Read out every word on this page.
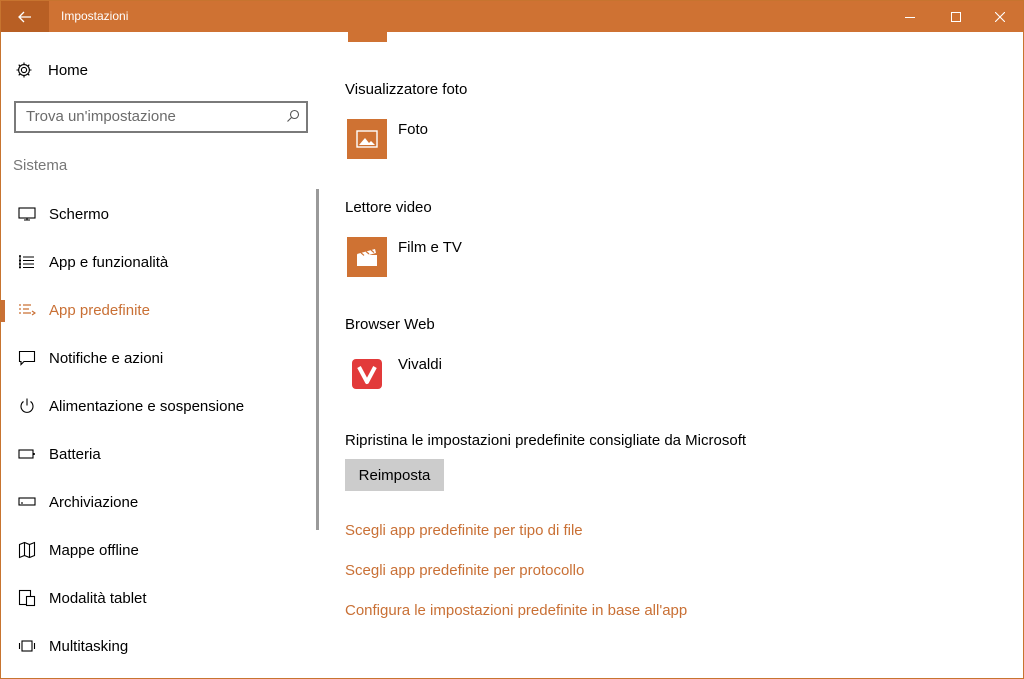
Impostazioni
Home
Trova un'impostazione
Sistema
Schermo
App e funzionalità
App predefinite
Notifiche e azioni
Alimentazione e sospensione
Batteria
Archiviazione
Mappe offline
Modalità tablet
Multitasking
Visualizzatore foto
Foto
Lettore video
Film e TV
Browser Web
Vivaldi
Ripristina le impostazioni predefinite consigliate da Microsoft
Reimposta
Scegli app predefinite per tipo di file
Scegli app predefinite per protocollo
Configura le impostazioni predefinite in base all'app
